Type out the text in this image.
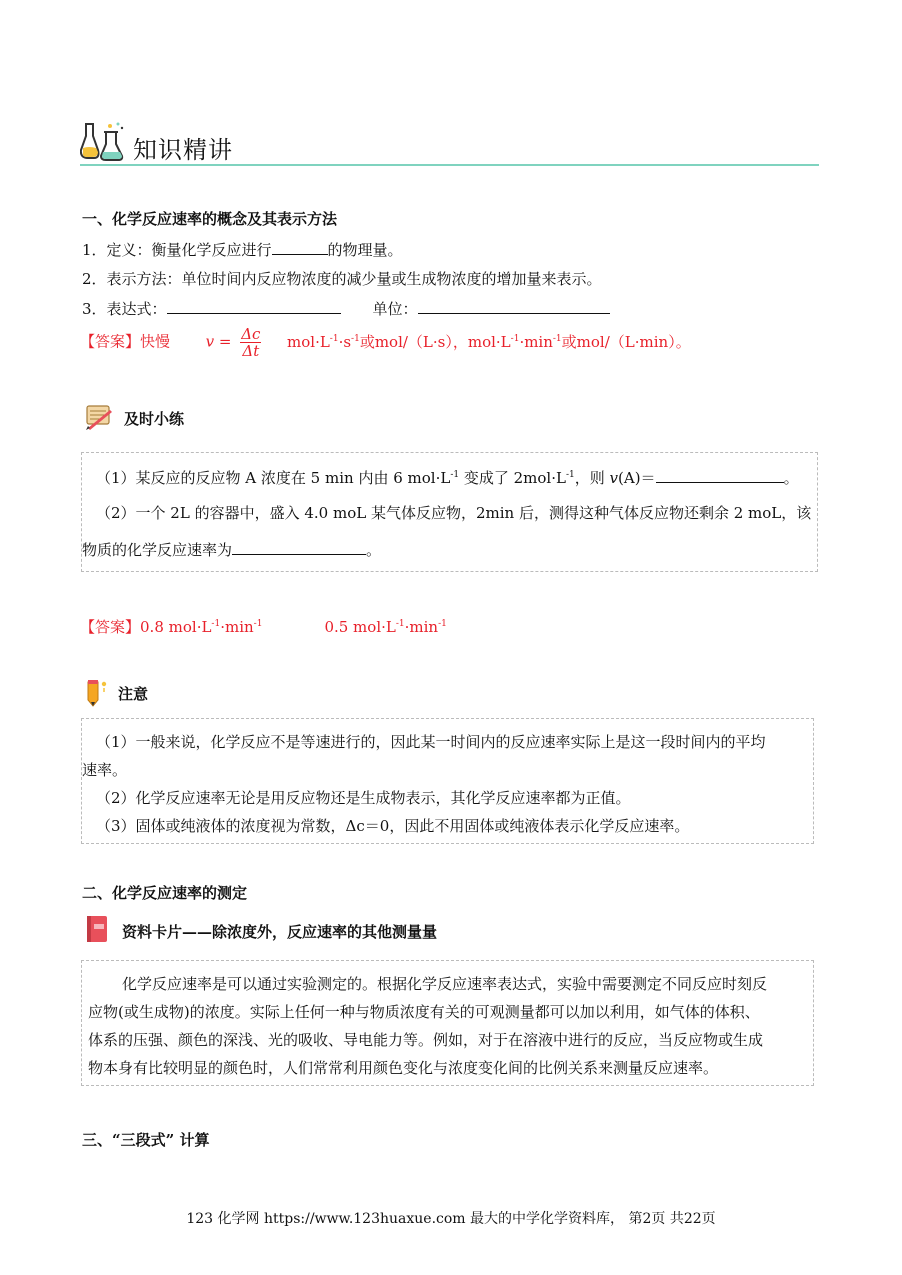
知识精讲
一、化学反应速率的概念及其表示方法
1．定义：衡量化学反应进行	的物理量。
2．表示方法：单位时间内反应物浓度的减少量或生成物浓度的增加量来表示。
3．表达式：	单位：
【答案】快慢 $v = \frac{\Delta c}{\Delta t} mol\cdot L^{-1}\cdot s^{-1}$或mol/（L·s），$mol\cdot L^{-1}\cdot\min^{-1}$或mol/（L·min）。
及时小练
（1）某反应的反应物 A 浓度在 5 min 内由 6 $mol\cdot L^{-1}$ 变成了 $2mol\cdot L^{-1}$，则 v(A)＝	。
（2）一个 2L 的容器中，盛入 4.0 moL 某气体反应物，2min 后，测得这种气体反应物还剩余 2 moL，该
物质的化学反应速率为	。
【答案】0.8 $mol\cdot L^{-1}\cdot\min^{-1}$	0.5 $mol\cdot L^{-1}\cdot\min^{-1}$
注意
（1）一般来说，化学反应不是等速进行的，因此某一时间内的反应速率实际上是这一段时间内的平均
速率。
（2）化学反应速率无论是用反应物还是生成物表示，其化学反应速率都为正值。
（3）固体或纯液体的浓度视为常数，Δc＝0，因此不用固体或纯液体表示化学反应速率。
二、化学反应速率的测定
资料卡片——除浓度外，反应速率的其他测量量
化学反应速率是可以通过实验测定的。根据化学反应速率表达式，实验中需要测定不同反应时刻反
应物(或生成物)的浓度。实际上任何一种与物质浓度有关的可观测量都可以加以利用，如气体的体积、
体系的压强、颜色的深浅、光的吸收、导电能力等。例如，对于在溶液中进行的反应，当反应物或生成
物本身有比较明显的颜色时，人们常常利用颜色变化与浓度变化间的比例关系来测量反应速率。
三、“三段式” 计算
123 化学网 https://www.123huaxue.com 最大的中学化学资料库， 第2页 共22页
